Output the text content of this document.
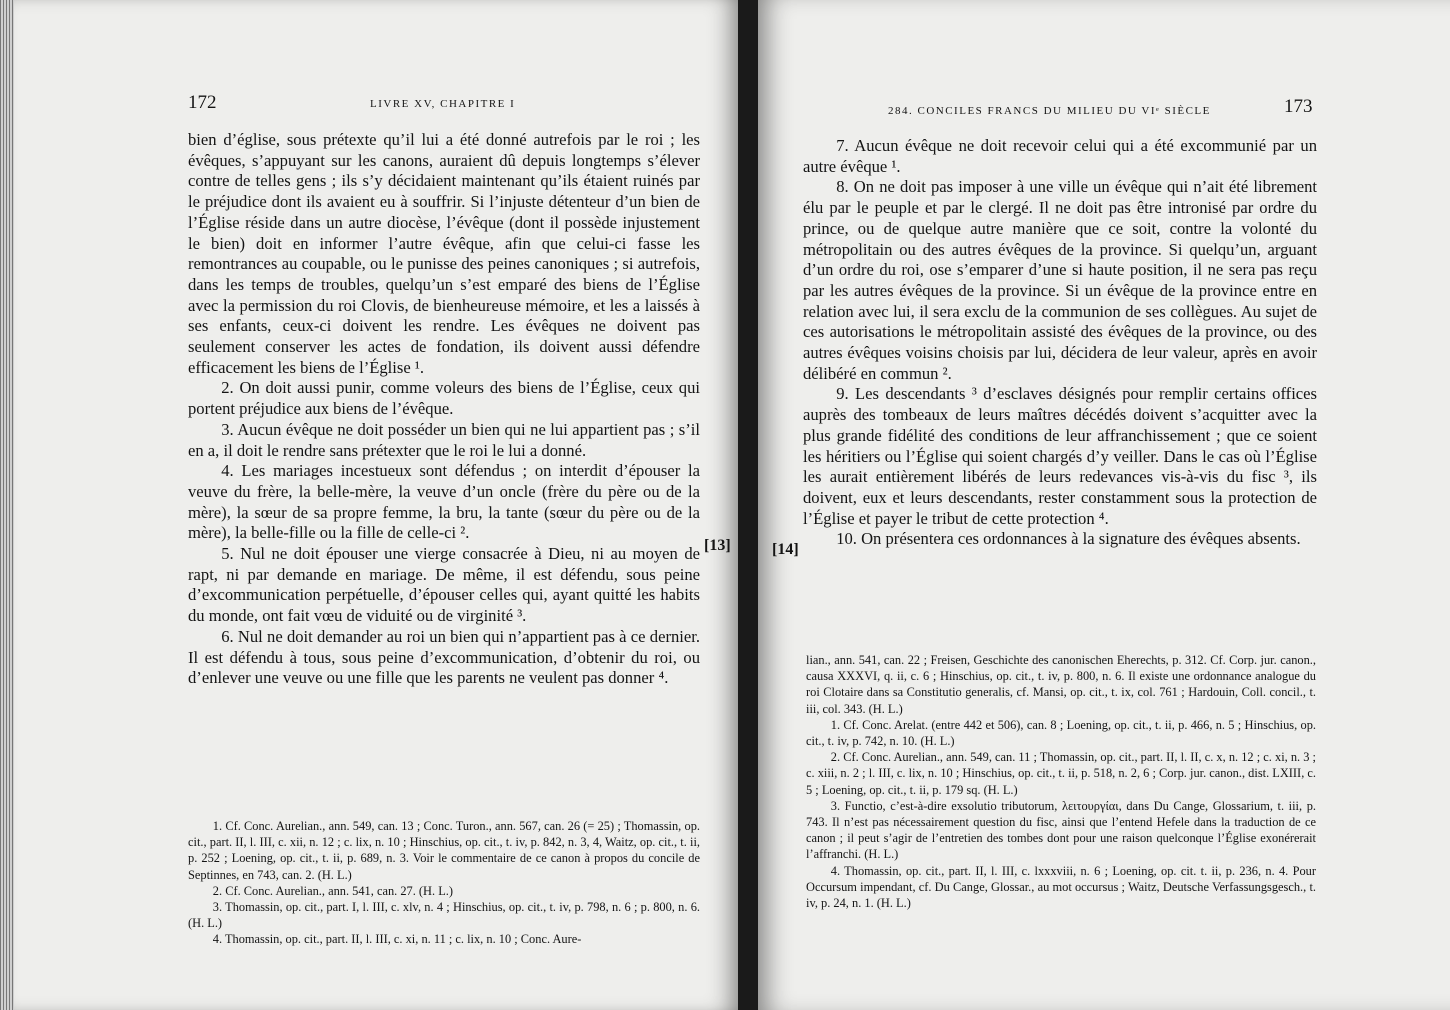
172	LIVRE XV, CHAPITRE I

bien d’église, sous prétexte qu’il lui a été donné autrefois par le roi ; les évêques, s’appuyant sur les canons, auraient dû depuis longtemps s’élever contre de telles gens ; ils s’y décidaient maintenant qu’ils étaient ruinés par le préjudice dont ils avaient eu à souffrir. Si l’injuste détenteur d’un bien de l’Église réside dans un autre diocèse, l’évêque (dont il possède injustement le bien) doit en informer l’autre évêque, afin que celui-ci fasse les remontrances au coupable, ou le punisse des peines canoniques ; si autrefois, dans les temps de troubles, quelqu’un s’est emparé des biens de l’Église avec la permission du roi Clovis, de bienheureuse mémoire, et les a laissés à ses enfants, ceux-ci doivent les rendre. Les évêques ne doivent pas seulement conserver les actes de fondation, ils doivent aussi défendre efficacement les biens de l’Église ¹.

2. On doit aussi punir, comme voleurs des biens de l’Église, ceux qui portent préjudice aux biens de l’évêque.

3. Aucun évêque ne doit posséder un bien qui ne lui appartient pas ; s’il en a, il doit le rendre sans prétexter que le roi le lui a donné.

4. Les mariages incestueux sont défendus ; on interdit d’épouser la veuve du frère, la belle-mère, la veuve d’un oncle (frère du père ou de la mère), la sœur de sa propre femme, la bru, la tante (sœur du père ou de la mère), la belle-fille ou la fille de celle-ci ².

5. Nul ne doit épouser une vierge consacrée à Dieu, ni au moyen de rapt, ni par demande en mariage. De même, il est défendu, sous peine d’excommunication perpétuelle, d’épouser celles qui, ayant quitté les habits du monde, ont fait vœu de viduité ou de virginité ³.

6. Nul ne doit demander au roi un bien qui n’appartient pas à ce dernier. Il est défendu à tous, sous peine d’excommunication, d’obtenir du roi, ou d’enlever une veuve ou une fille que les parents ne veulent pas donner ⁴.

[13]

1. Cf. Conc. Aurelian., ann. 549, can. 13 ; Conc. Turon., ann. 567, can. 26 (= 25) ; Thomassin, op. cit., part. II, l. III, c. xii, n. 12 ; c. lix, n. 10 ; Hinschius, op. cit., t. iv, p. 842, n. 3, 4, Waitz, op. cit., t. ii, p. 252 ; Loening, op. cit., t. ii, p. 689, n. 3. Voir le commentaire de ce canon à propos du concile de Septinnes, en 743, can. 2. (H. L.)

2. Cf. Conc. Aurelian., ann. 541, can. 27. (H. L.)

3. Thomassin, op. cit., part. I, l. III, c. xlv, n. 4 ; Hinschius, op. cit., t. iv, p. 798, n. 6 ; p. 800, n. 6. (H. L.)

4. Thomassin, op. cit., part. II, l. III, c. xi, n. 11 ; c. lix, n. 10 ; Conc. Aure-

284. CONCILES FRANCS DU MILIEU DU VIᵉ SIÈCLE	173
[14]

7. Aucun évêque ne doit recevoir celui qui a été excommunié par un autre évêque ¹.

8. On ne doit pas imposer à une ville un évêque qui n’ait été librement élu par le peuple et par le clergé. Il ne doit pas être intronisé par ordre du prince, ou de quelque autre manière que ce soit, contre la volonté du métropolitain ou des autres évêques de la province. Si quelqu’un, arguant d’un ordre du roi, ose s’emparer d’une si haute position, il ne sera pas reçu par les autres évêques de la province. Si un évêque de la province entre en relation avec lui, il sera exclu de la communion de ses collègues. Au sujet de ces autorisations le métropolitain assisté des évêques de la province, ou des autres évêques voisins choisis par lui, décidera de leur valeur, après en avoir délibéré en commun ².

9. Les descendants ³ d’esclaves désignés pour remplir certains offices auprès des tombeaux de leurs maîtres décédés doivent s’acquitter avec la plus grande fidélité des conditions de leur affranchissement ; que ce soient les héritiers ou l’Église qui soient chargés d’y veiller. Dans le cas où l’Église les aurait entièrement libérés de leurs redevances vis-à-vis du fisc ³, ils doivent, eux et leurs descendants, rester constamment sous la protection de l’Église et payer le tribut de cette protection ⁴.

10. On présentera ces ordonnances à la signature des évêques absents.

lian., ann. 541, can. 22 ; Freisen, Geschichte des canonischen Eherechts, p. 312. Cf. Corp. jur. canon., causa XXXVI, q. ii, c. 6 ; Hinschius, op. cit., t. iv, p. 800, n. 6. Il existe une ordonnance analogue du roi Clotaire dans sa Constitutio generalis, cf. Mansi, op. cit., t. ix, col. 761 ; Hardouin, Coll. concil., t. iii, col. 343. (H. L.)

1. Cf. Conc. Arelat. (entre 442 et 506), can. 8 ; Loening, op. cit., t. ii, p. 466, n. 5 ; Hinschius, op. cit., t. iv, p. 742, n. 10. (H. L.)

2. Cf. Conc. Aurelian., ann. 549, can. 11 ; Thomassin, op. cit., part. II, l. II, c. x, n. 12 ; c. xi, n. 3 ; c. xiii, n. 2 ; l. III, c. lix, n. 10 ; Hinschius, op. cit., t. ii, p. 518, n. 2, 6 ; Corp. jur. canon., dist. LXIII, c. 5 ; Loening, op. cit., t. ii, p. 179 sq. (H. L.)

3. Functio, c’est-à-dire exsolutio tributorum, λειτουργίαι, dans Du Cange, Glossarium, t. iii, p. 743. Il n’est pas nécessairement question du fisc, ainsi que l’entend Hefele dans la traduction de ce canon ; il peut s’agir de l’entretien des tombes dont pour une raison quelconque l’Église exonérerait l’affranchi. (H. L.)

4. Thomassin, op. cit., part. II, l. III, c. lxxxviii, n. 6 ; Loening, op. cit. t. ii, p. 236, n. 4. Pour Occursum impendant, cf. Du Cange, Glossar., au mot occursus ; Waitz, Deutsche Verfassungsgesch., t. iv, p. 24, n. 1. (H. L.)
